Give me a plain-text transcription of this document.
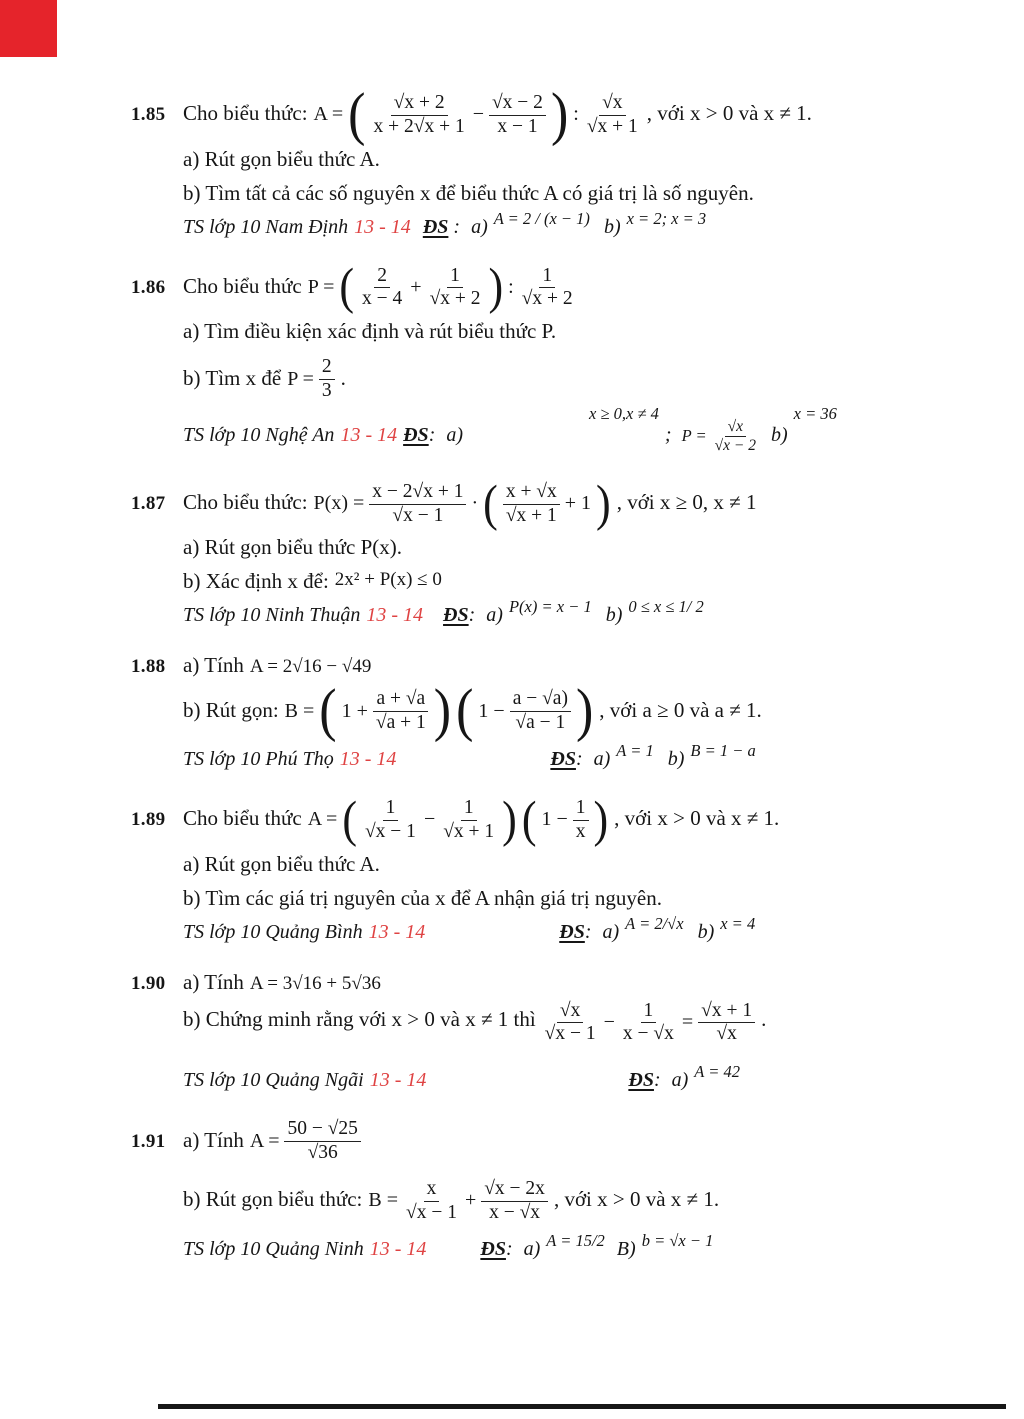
1.85 Cho biểu thức: A = ( √x + 2
x + 2√x + 1
− $\frac{√x - 2}{x - 1}$ ) :
√x
√x + 1
, với x > 0 và x ≠ 1.
a) Rút gọn biểu thức A.
b) Tìm tất cả các số nguyên x để biểu thức A có giá trị là số nguyên.
TS lớp 10 Nam Định 13 - 14 ĐS : a) A = 2 / (x − 1) b) x = 2; x = 3
1.86 Cho biểu thức P = ( 2
x − 4
+ $\frac{1}{√x + 2}$ ) :
1
√x + 2
a) Tìm điều kiện xác định và rút biểu thức P.
b) Tìm x để $P = \frac{2}{3}$ .
TS lớp 10 Nghệ An 13 - 14 ĐS: a)
x ≥ 0,x ≠ 4
; $P = \frac{√x}{√x - 2} b$)
x = 36
1.87 Cho biểu thức: $P(x) = \frac{x - 2√x + 1}{√x - 1}$ · ( x + √x
√x + 1
+ 1 ) , với x ≥ 0, x ≠ 1
a) Rút gọn biểu thức P(x).
b) Xác định x để: 2x² + P(x) ≤ 0
TS lớp 10 Ninh Thuận 13 - 14 ĐS: a) P(x) = x − 1 b) 0 ≤ x ≤ 1/ 2
1.88 a) Tính A = 2√16 − √49
b) Rút gọn: B = ( $1 + \frac{a + √a}{√a + 1}$ ) ( $1 - \frac{a - √a)}{√a - 1}$ ) , với a ≥ 0 và a ≠ 1.
TS lớp 10 Phú Thọ 13 - 14	ĐS: a) A = 1 b) B = 1 − a
1.89 Cho biểu thức A = ( 1
√x − 1
− $\frac{1}{√x + 1}$ ) ( $1 - \frac{1}{x}$ ) , với x > 0 và x ≠ 1.
a) Rút gọn biểu thức A.
b) Tìm các giá trị nguyên của x để A nhận giá trị nguyên.
TS lớp 10 Quảng Bình 13 - 14	ĐS: a) A = 2/√x b) x = 4
1.90 a) Tính A = 3√16 + 5√36
b) Chứng minh rằng với x > 0 và x ≠ 1 thì √x
√x − 1
− $\frac{1}{x - √x} = \frac{√x + 1}{√x}$ .
TS lớp 10 Quảng Ngãi 13 - 14	ĐS: a) A = 42
1.91 a) Tính $A = \frac{50 - √25}{√36}$
b) Rút gọn biểu thức: $B = \frac{x}{√x - 1} + \frac{√x - 2x}{x - √x}$ , với x > 0 và x ≠ 1.
TS lớp 10 Quảng Ninh 13 - 14	ĐS: a) A = 15/2 B) b = √x − 1
